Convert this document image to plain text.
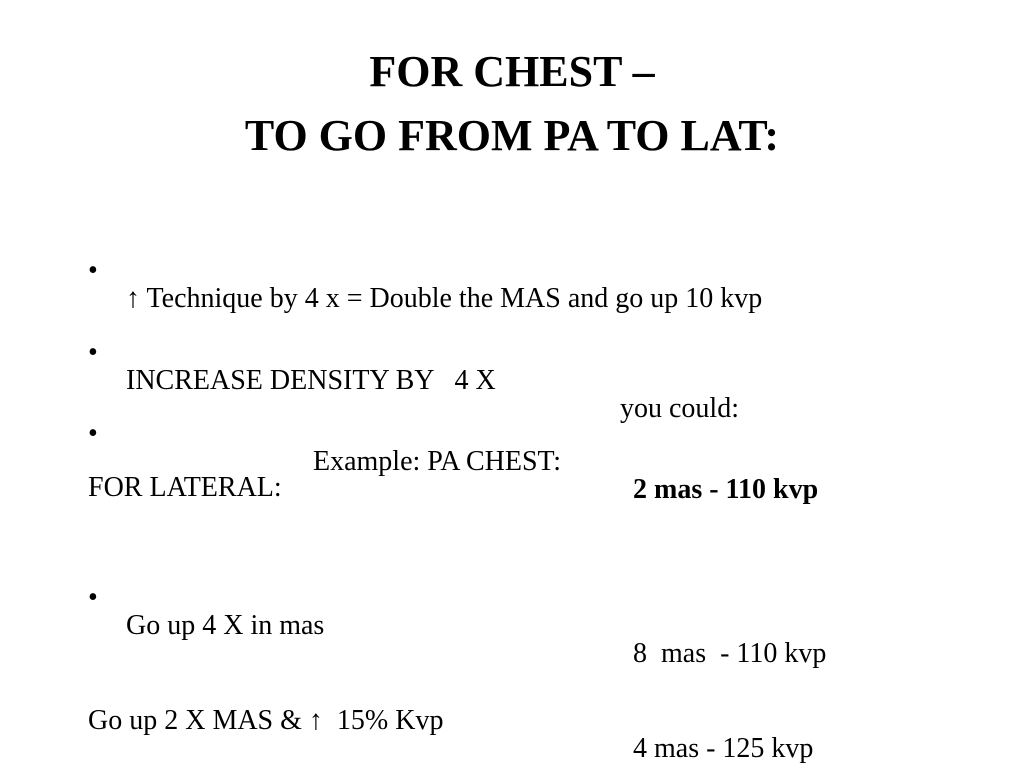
FOR CHEST –
TO GO FROM PA TO LAT:

•

↑ Technique by 4 x = Double the MAS and go up 10 kvp

•

INCREASE DENSITY BY   4 X

you could:

•

Example: PA CHEST:

2 mas - 110 kvp

FOR LATERAL:

•

Go up 4 X in mas

8  mas  - 110 kvp

Go up 2 X MAS & ↑  15% Kvp

4 mas - 125 kvp
